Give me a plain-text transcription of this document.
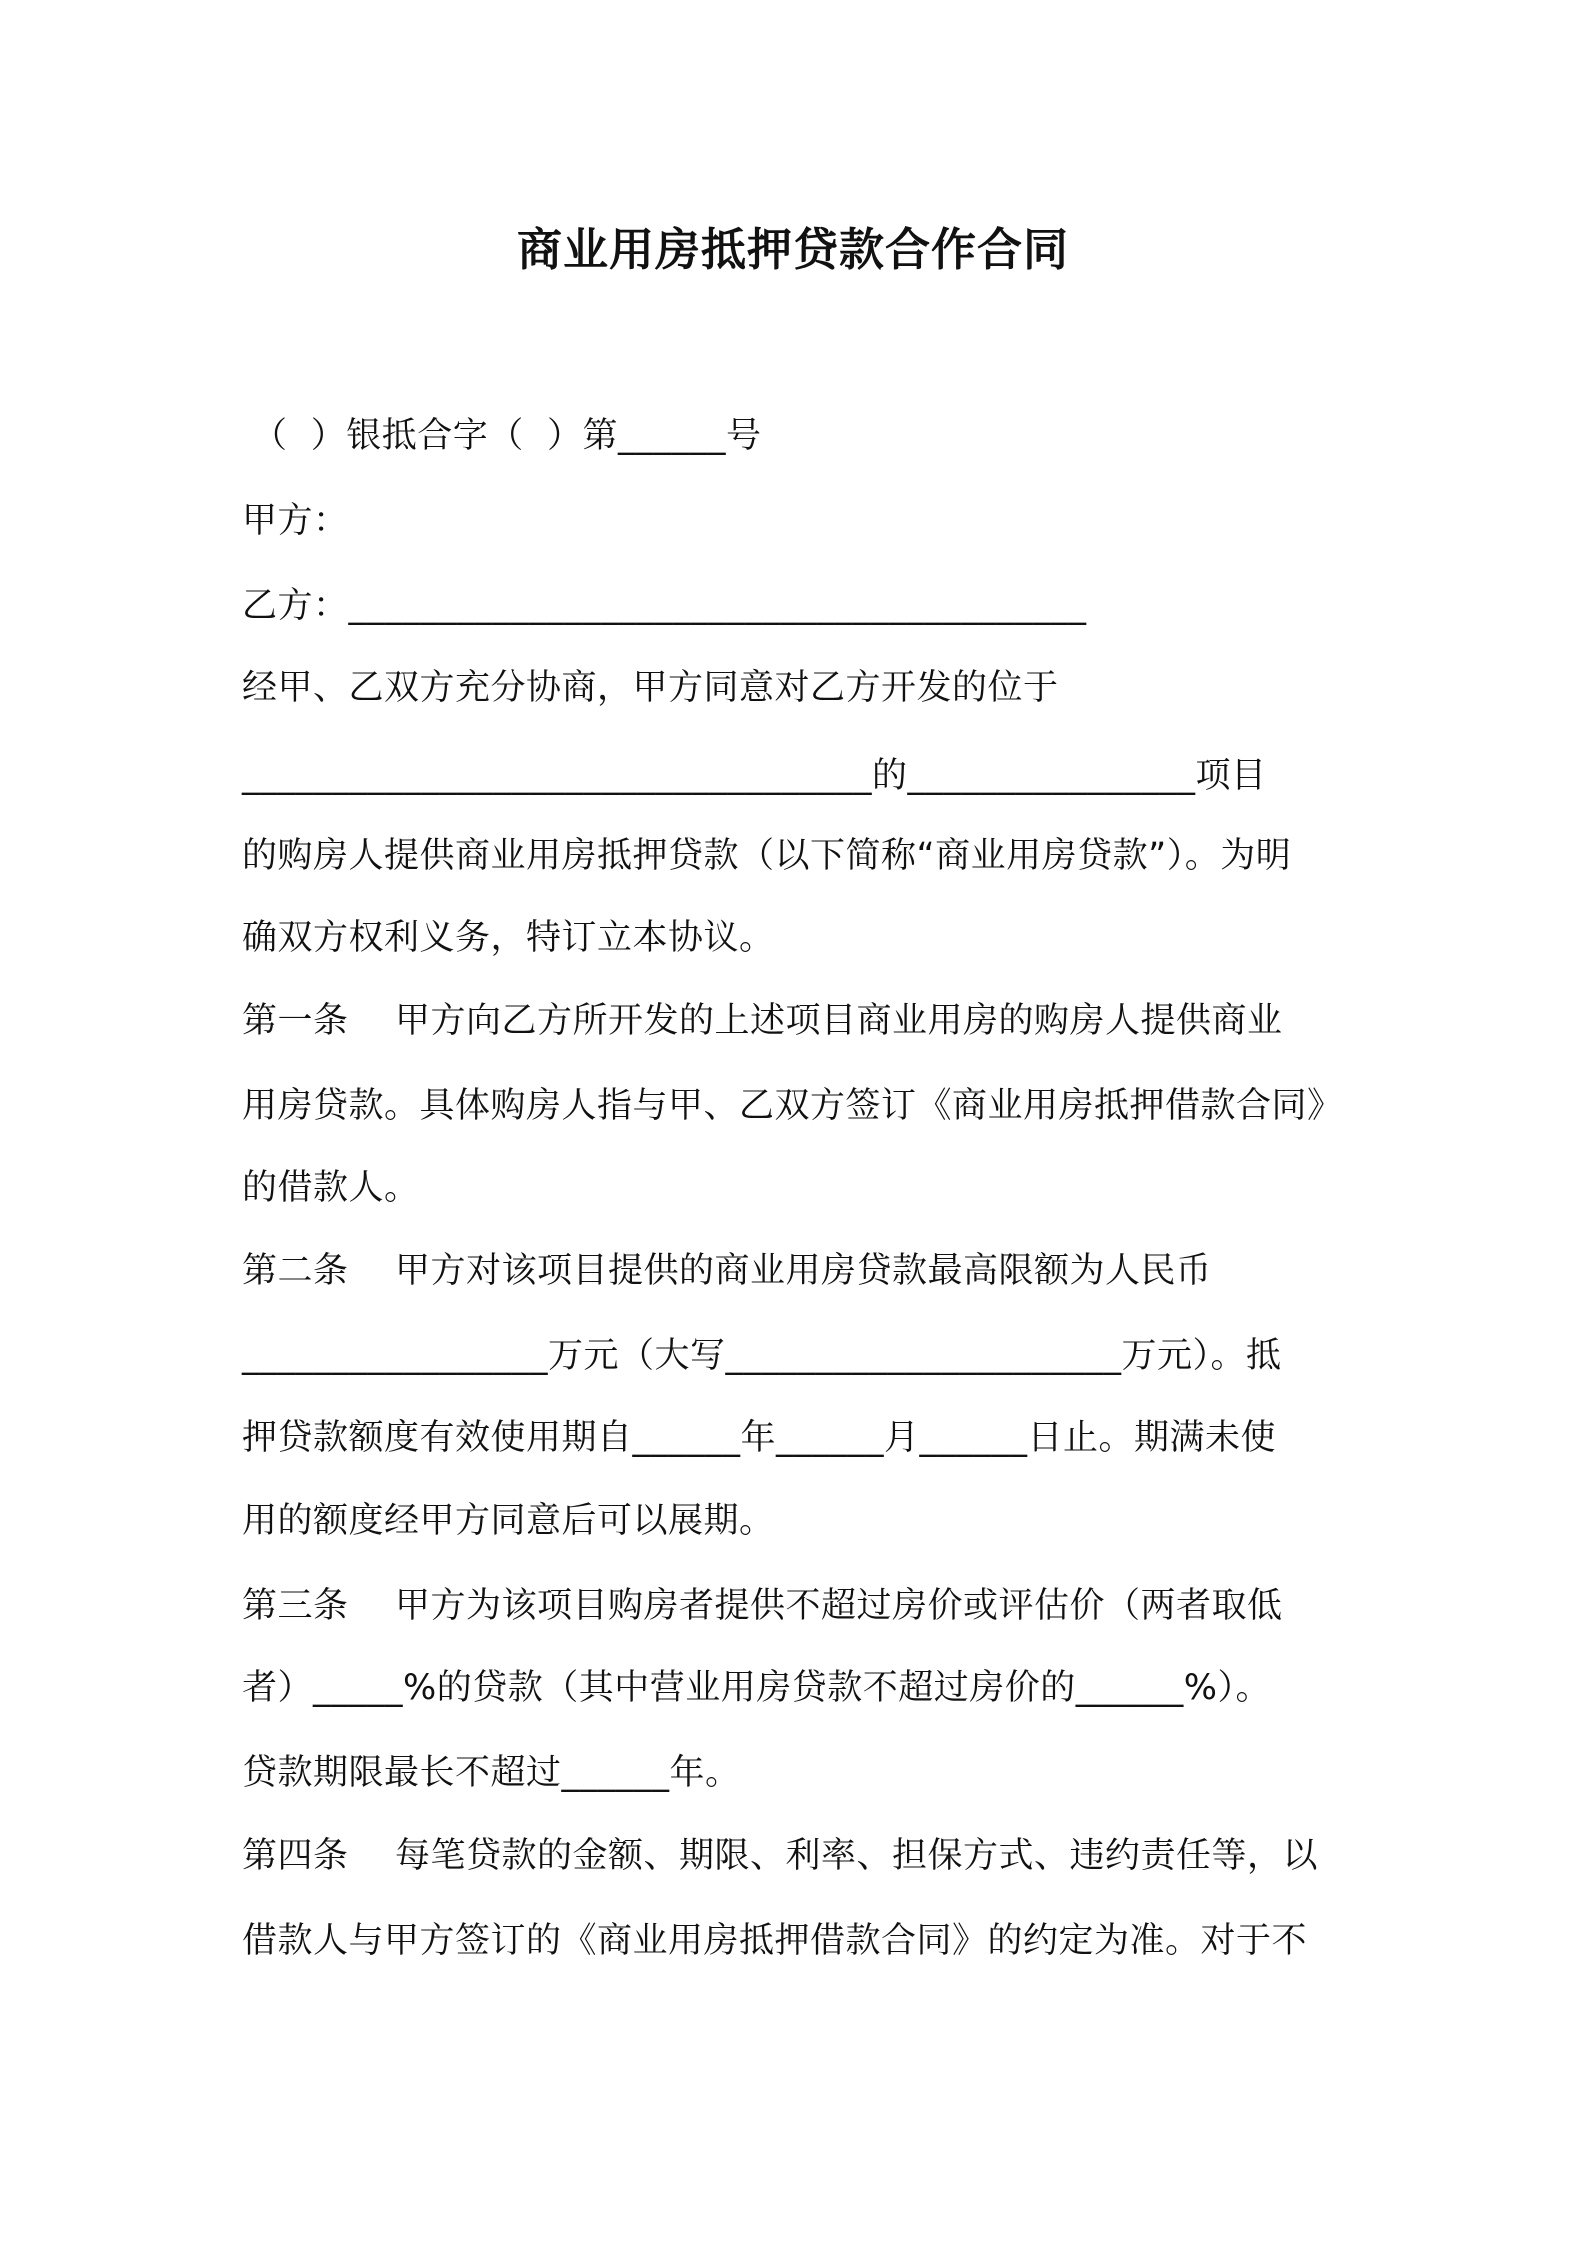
商业用房抵押贷款合作合同
（  ）银抵合字（  ）第______号
甲方：
乙方：_________________________________________
经甲、乙双方充分协商，甲方同意对乙方开发的位于
___________________________________的________________项目
的购房人提供商业用房抵押贷款（以下简称“商业用房贷款”）。为明
确双方权利义务，特订立本协议。
第一条    甲方向乙方所开发的上述项目商业用房的购房人提供商业
用房贷款。具体购房人指与甲、乙双方签订《商业用房抵押借款合同》
的借款人。
第二条    甲方对该项目提供的商业用房贷款最高限额为人民币
_________________万元（大写______________________万元）。抵
押贷款额度有效使用期自______年______月______日止。期满未使
用的额度经甲方同意后可以展期。
第三条    甲方为该项目购房者提供不超过房价或评估价（两者取低
者）_____%的贷款（其中营业用房贷款不超过房价的______%）。
贷款期限最长不超过______年。
第四条    每笔贷款的金额、期限、利率、担保方式、违约责任等，以
借款人与甲方签订的《商业用房抵押借款合同》的约定为准。对于不
